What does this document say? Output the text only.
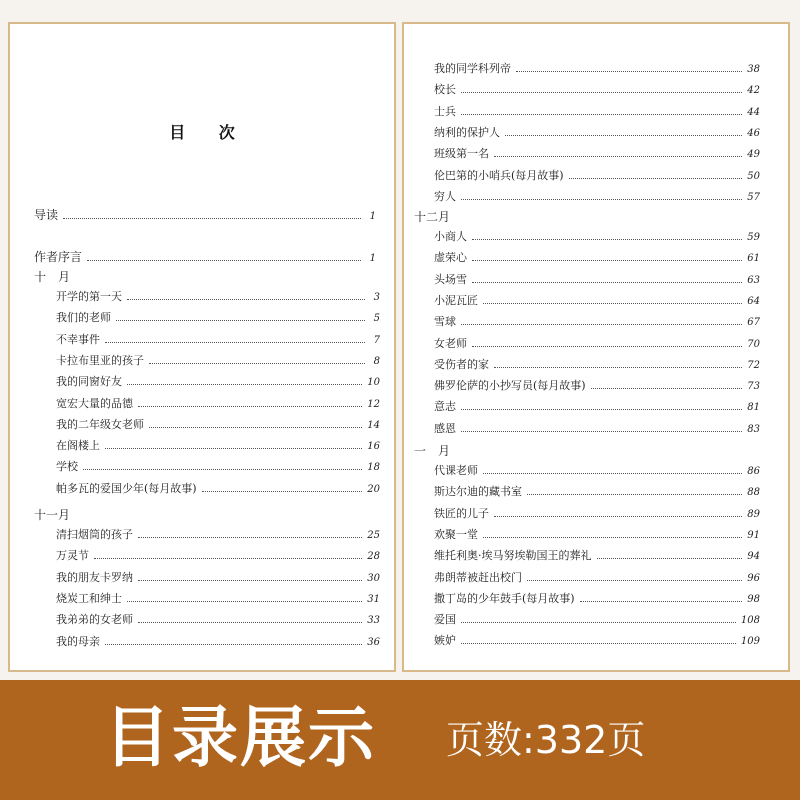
目 次
导读	1
作者序言	1
十　月
开学的第一天	3
我们的老师	5
不幸事件	7
卡拉布里亚的孩子	8
我的同窗好友	10
宽宏大量的品德	12
我的二年级女老师	14
在阁楼上	16
学校	18
帕多瓦的爱国少年(每月故事)	20
十一月
清扫烟筒的孩子	25
万灵节	28
我的朋友卡罗纳	30
烧炭工和绅士	31
我弟弟的女老师	33
我的母亲	36
我的同学科列帝	38
校长	42
士兵	44
纳利的保护人	46
班级第一名	49
伦巴第的小哨兵(每月故事)	50
穷人	57
十二月
小商人	59
虚荣心	61
头场雪	63
小泥瓦匠	64
雪球	67
女老师	70
受伤者的家	72
佛罗伦萨的小抄写员(每月故事)	73
意志	81
感恩	83
一　月
代课老师	86
斯达尔迪的藏书室	88
铁匠的儿子	89
欢聚一堂	91
维托利奥·埃马努埃勒国王的葬礼	94
弗朗蒂被赶出校门	96
撒丁岛的少年鼓手(每月故事)	98
爱国	108
嫉妒	109
目录展示 页数:332页
